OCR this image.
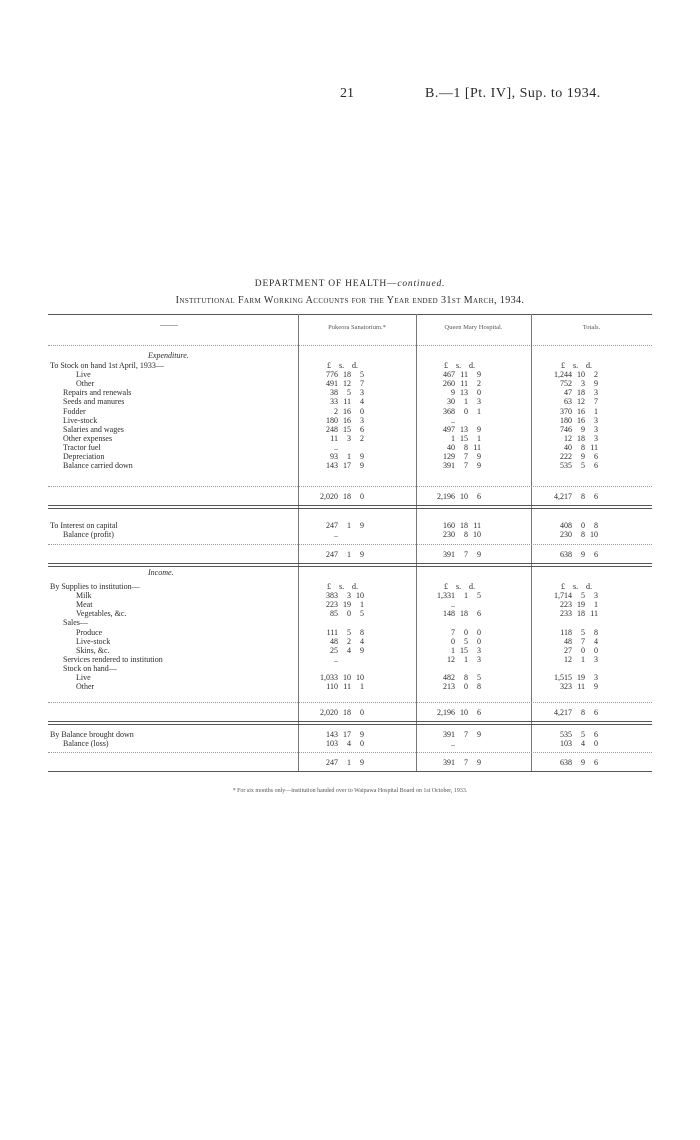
21	B.—1 [Pt. IV], Sup. to 1934.
DEPARTMENT OF HEALTH—continued.
Institutional Farm Working Accounts for the Year ended 31st March, 1934.
——	Pukeora Sanatorium.*	Queen Mary Hospital.	Totals.
Expenditure.
£ s. d.	£ s. d.	£ s. d.
To Stock on hand 1st April, 1933—
Live	776 18 5	467 11 9	1,244 10 2
Other	491 12 7	260 11 2	752 3 9
Repairs and renewals	38 5 3	9 13 0	47 18 3
Seeds and manures	33 11 4	30 1 3	63 12 7
Fodder	2 16 0	368 0 1	370 16 1
Live-stock	180 16 3	..	180 16 3
Salaries and wages	248 15 6	497 13 9	746 9 3
Other expenses	11 3 2	1 15 1	12 18 3
Tractor fuel	..	40 8 11	40 8 11
Depreciation	93 1 9	129 7 9	222 9 6
Balance carried down	143 17 9	391 7 9	535 5 6
2,020 18 0	2,196 10 6	4,217 8 6
To Interest on capital	247 1 9	160 18 11	408 0 8
Balance (profit)	..	230 8 10	230 8 10
247 1 9	391 7 9	638 9 6
Income.
£ s. d.	£ s. d.	£ s. d.
By Supplies to institution—
Milk	383 3 10	1,331 1 5	1,714 5 3
Meat	223 19 1	..	223 19 1
Vegetables, &c.	85 0 5	148 18 6	233 18 11
Sales—
Produce	111 5 8	7 0 0	118 5 8
Live-stock	48 2 4	0 5 0	48 7 4
Skins, &c.	25 4 9	1 15 3	27 0 0
Services rendered to institution	..	12 1 3	12 1 3
Stock on hand—
Live	1,033 10 10	482 8 5	1,515 19 3
Other	110 11 1	213 0 8	323 11 9
2,020 18 0	2,196 10 6	4,217 8 6
By Balance brought down	143 17 9	391 7 9	535 5 6
Balance (loss)	103 4 0	..	103 4 0
247 1 9	391 7 9	638 9 6
* For six months only—institution handed over to Waipawa Hospital Board on 1st October, 1933.
